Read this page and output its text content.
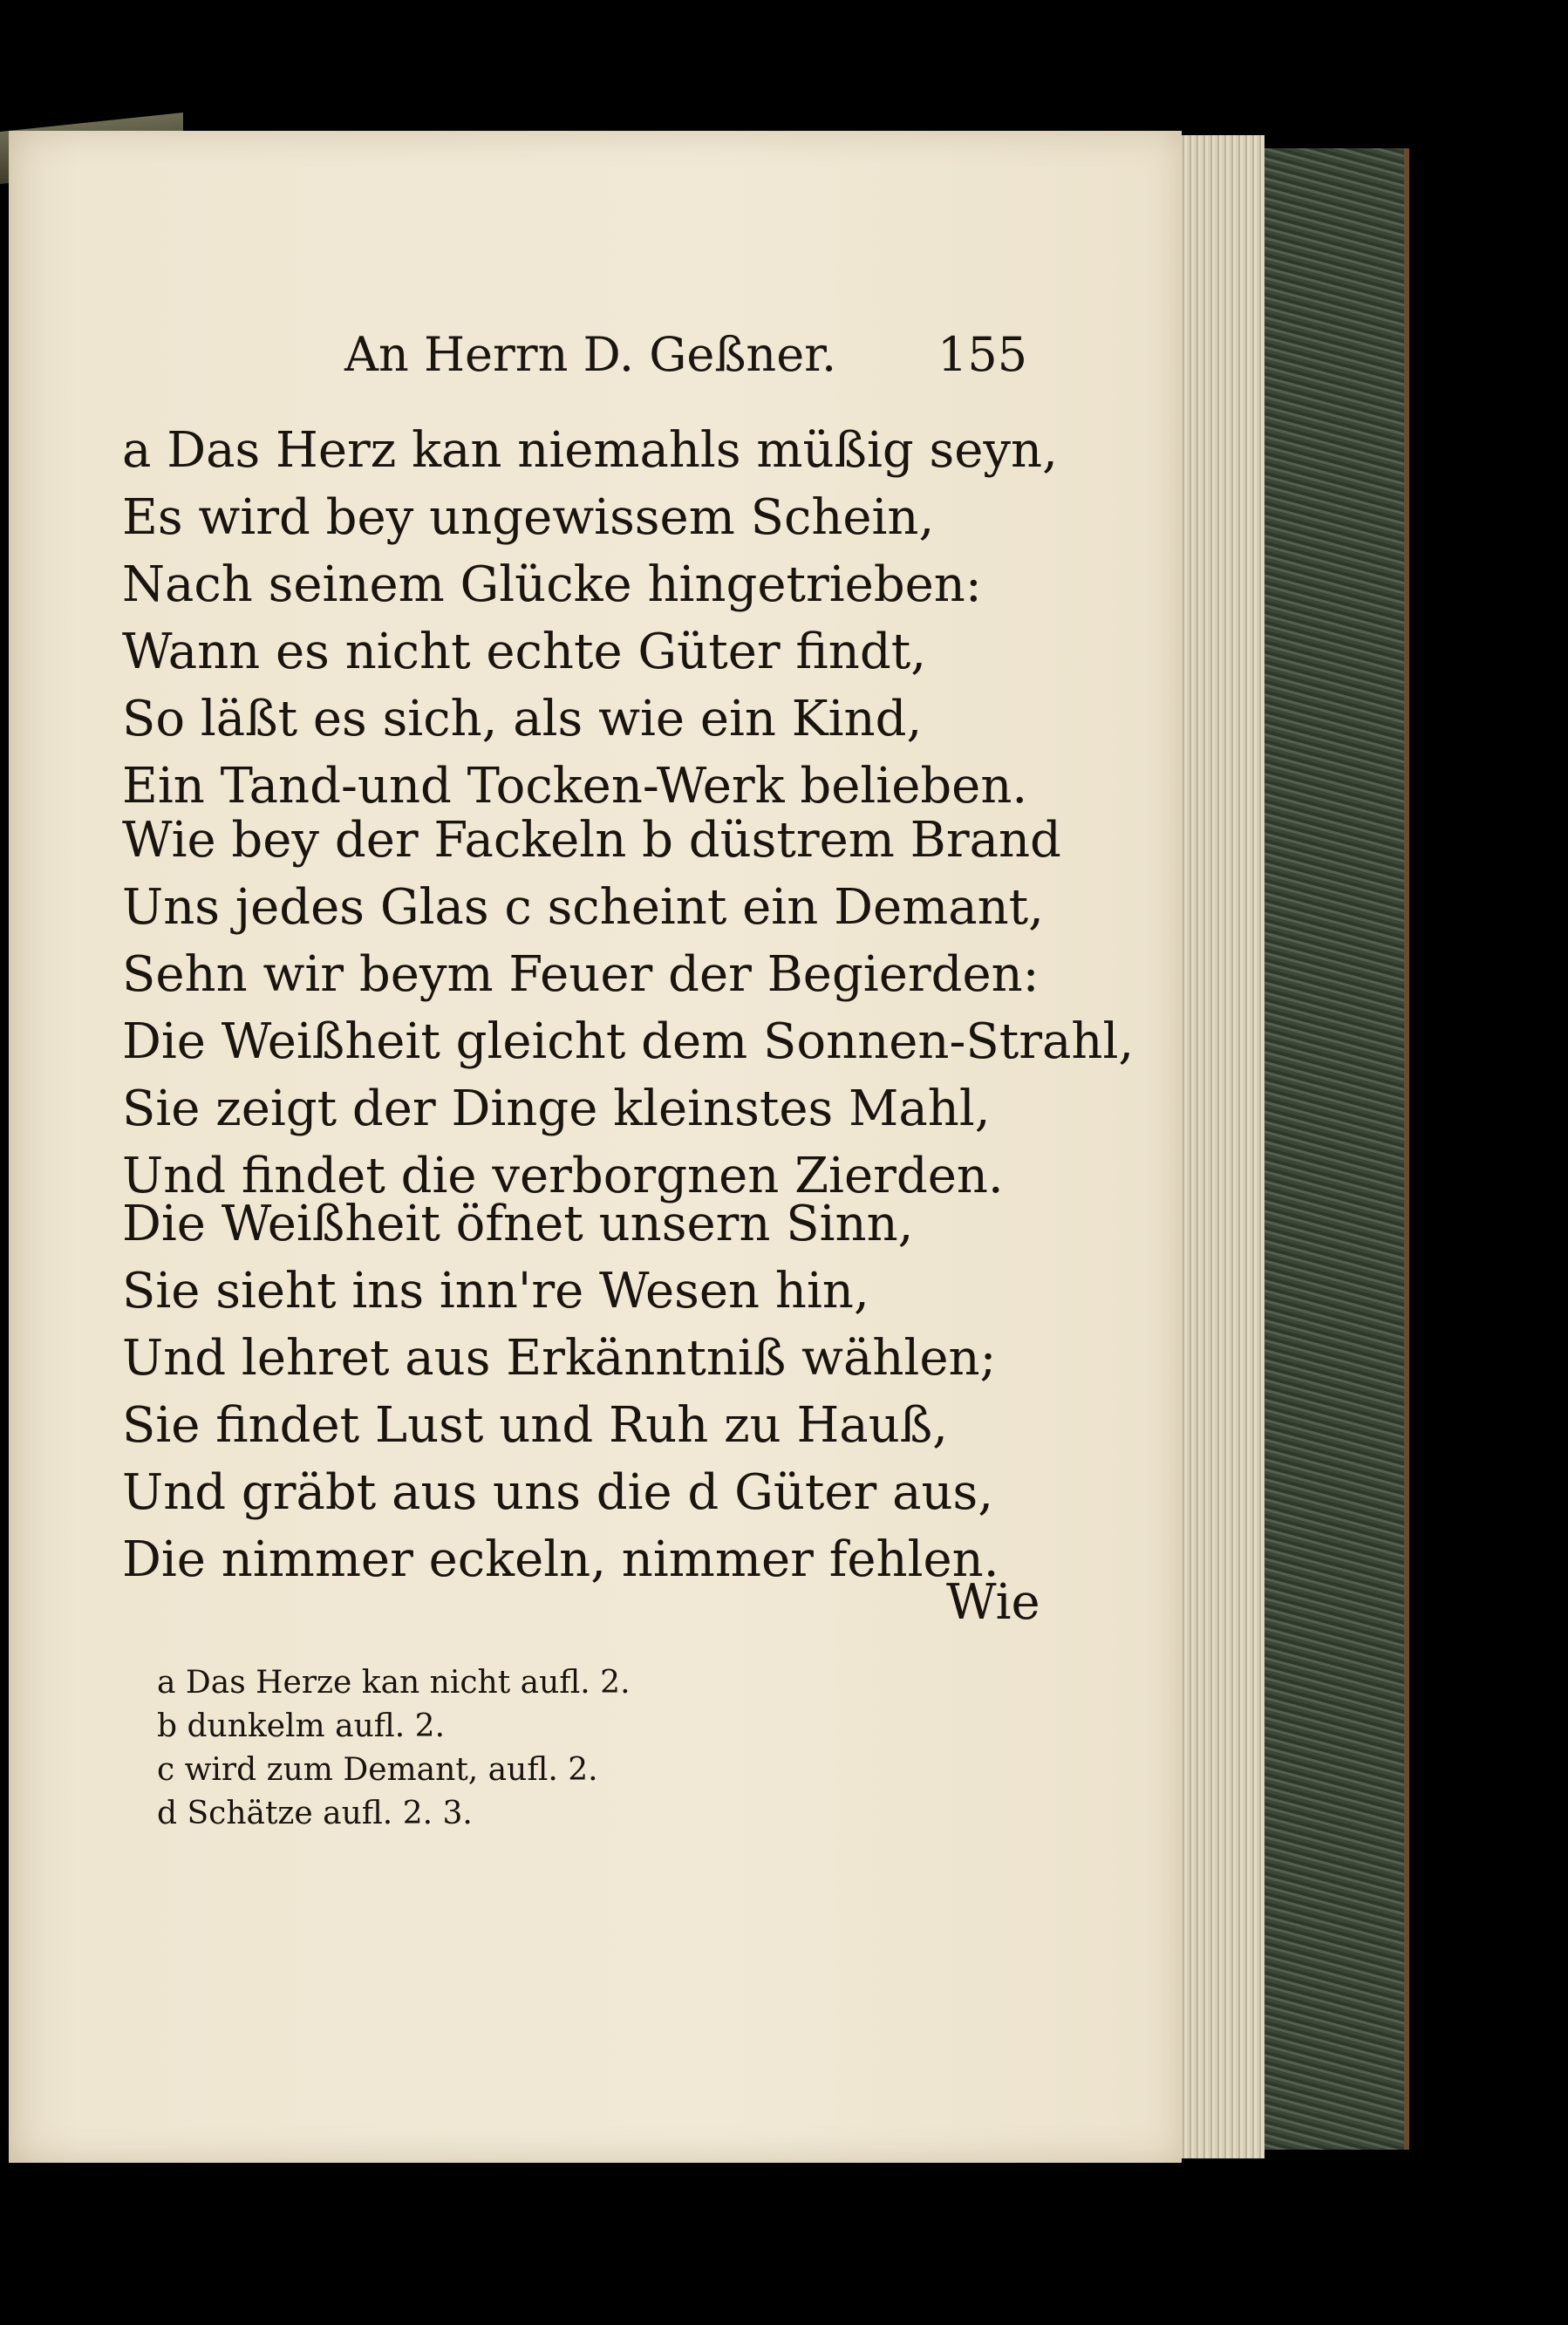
An Herrn D. Geßner. 155
a Das Herz kan niemahls müßig seyn,
Es wird bey ungewissem Schein,
Nach seinem Glücke hingetrieben:
Wann es nicht echte Güter findt,
So läßt es sich, als wie ein Kind,
Ein Tand-und Tocken-Werk belieben.
Wie bey der Fackeln b düstrem Brand
Uns jedes Glas c scheint ein Demant,
Sehn wir beym Feuer der Begierden:
Die Weißheit gleicht dem Sonnen-Strahl,
Sie zeigt der Dinge kleinstes Mahl,
Und findet die verborgnen Zierden.
Die Weißheit öfnet unsern Sinn,
Sie sieht ins inn're Wesen hin,
Und lehret aus Erkänntniß wählen;
Sie findet Lust und Ruh zu Hauß,
Und gräbt aus uns die d Güter aus,
Die nimmer eckeln, nimmer fehlen.
Wie
a Das Herze kan nicht aufl. 2.
b dunkelm aufl. 2.
c wird zum Demant, aufl. 2.
d Schätze aufl. 2. 3.
